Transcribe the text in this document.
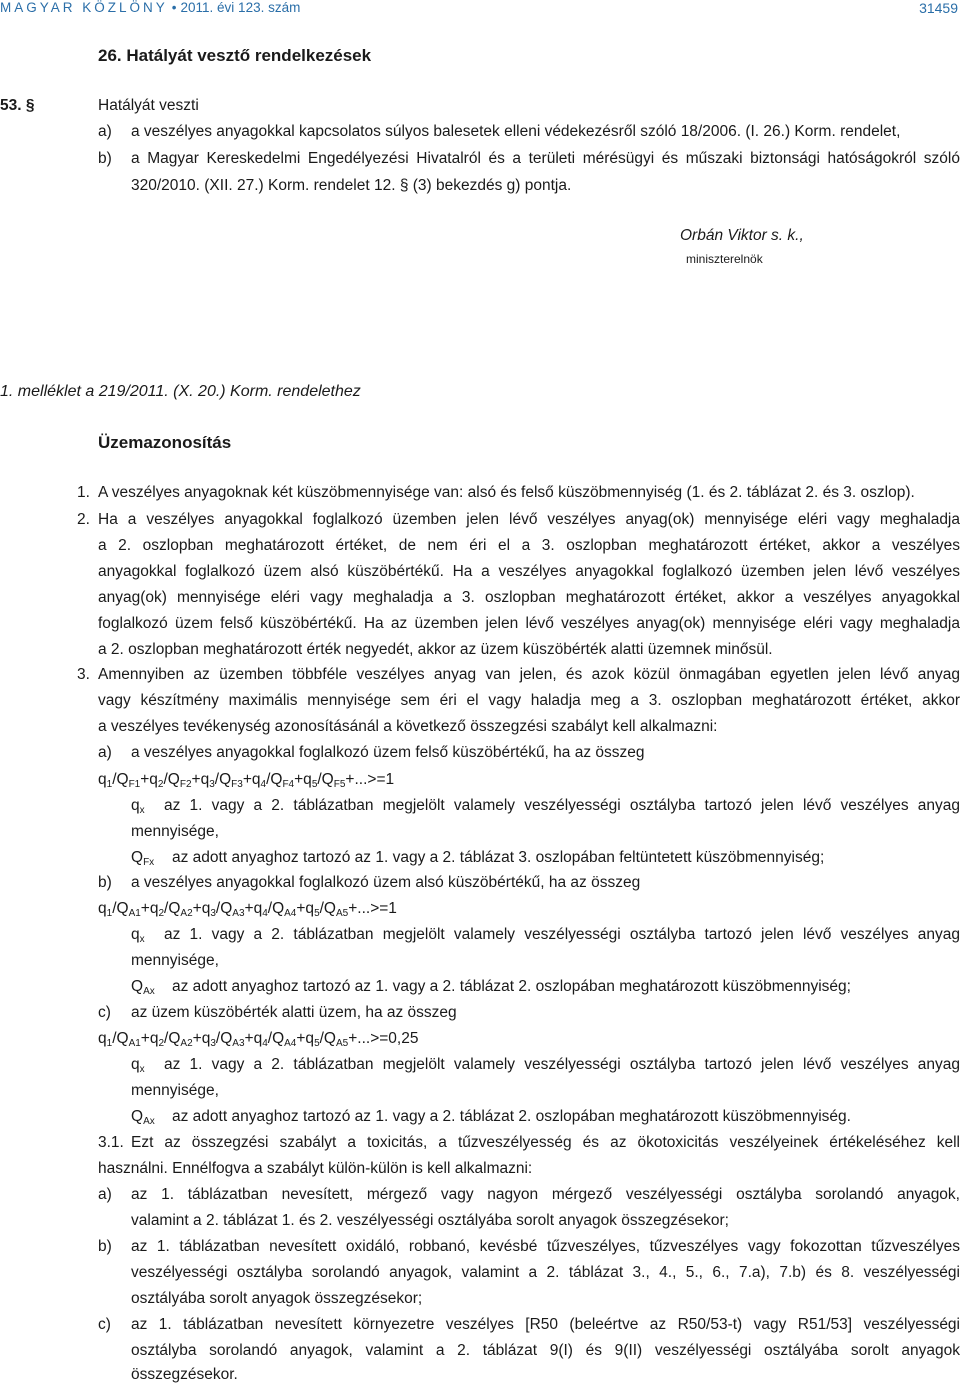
MAGYAR KÖZLÖNY • 2011. évi 123. szám	31459
26. Hatályát vesztő rendelkezések
53. §	Hatályát veszti
a) a veszélyes anyagokkal kapcsolatos súlyos balesetek elleni védekezésről szóló 18/2006. (I. 26.) Korm. rendelet,
b) a Magyar Kereskedelmi Engedélyezési Hivatalról és a területi mérésügyi és műszaki biztonsági hatóságokról szóló
320/2010. (XII. 27.) Korm. rendelet 12. § (3) bekezdés g) pontja.
Orbán Viktor s. k.,
miniszterelnök
1. melléklet a 219/2011. (X. 20.) Korm. rendelethez
Üzemazonosítás
1. A veszélyes anyagoknak két küszöbmennyisége van: alsó és felső küszöbmennyiség (1. és 2. táblázat 2. és 3. oszlop).
2. Ha a veszélyes anyagokkal foglalkozó üzemben jelen lévő veszélyes anyag(ok) mennyisége eléri vagy meghaladja
a 2. oszlopban meghatározott értéket, de nem éri el a 3. oszlopban meghatározott értéket, akkor a veszélyes
anyagokkal foglalkozó üzem alsó küszöbértékű. Ha a veszélyes anyagokkal foglalkozó üzemben jelen lévő veszélyes
anyag(ok) mennyisége eléri vagy meghaladja a 3. oszlopban meghatározott értéket, akkor a veszélyes anyagokkal
foglalkozó üzem felső küszöbértékű. Ha az üzemben jelen lévő veszélyes anyag(ok) mennyisége eléri vagy meghaladja
a 2. oszlopban meghatározott érték negyedét, akkor az üzem küszöbérték alatti üzemnek minősül.
3. Amennyiben az üzemben többféle veszélyes anyag van jelen, és azok közül önmagában egyetlen jelen lévő anyag
vagy készítmény maximális mennyisége sem éri el vagy haladja meg a 3. oszlopban meghatározott értéket, akkor
a veszélyes tevékenység azonosításánál a következő összegzési szabályt kell alkalmazni:
a) a veszélyes anyagokkal foglalkozó üzem felső küszöbértékű, ha az összeg
$q_1/Q_{F1}+q_2/Q_{F2}+q_3/Q_{F3}+q_4/Q_{F4}+q_5/Q_{F5}+...>=1$
$q_x$ az 1. vagy a 2. táblázatban megjelölt valamely veszélyességi osztályba tartozó jelen lévő veszélyes anyag
mennyisége,
$Q_{Fx}$ az adott anyaghoz tartozó az 1. vagy a 2. táblázat 3. oszlopában feltüntetett küszöbmennyiség;
b) a veszélyes anyagokkal foglalkozó üzem alsó küszöbértékű, ha az összeg
$q_1/Q_{A1}+q_2/Q_{A2}+q_3/Q_{A3}+q_4/Q_{A4}+q_5/Q_{A5}+...>=1$
$q_x$ az 1. vagy a 2. táblázatban megjelölt valamely veszélyességi osztályba tartozó jelen lévő veszélyes anyag
mennyisége,
$Q_{Ax}$ az adott anyaghoz tartozó az 1. vagy a 2. táblázat 2. oszlopában meghatározott küszöbmennyiség;
c) az üzem küszöbérték alatti üzem, ha az összeg
$q_1/Q_{A1}+q_2/Q_{A2}+q_3/Q_{A3}+q_4/Q_{A4}+q_5/Q_{A5}+...>=0,25$
$q_x$ az 1. vagy a 2. táblázatban megjelölt valamely veszélyességi osztályba tartozó jelen lévő veszélyes anyag
mennyisége,
$Q_{Ax}$ az adott anyaghoz tartozó az 1. vagy a 2. táblázat 2. oszlopában meghatározott küszöbmennyiség.
3.1. Ezt az összegzési szabályt a toxicitás, a tűzveszélyesség és az ökotoxicitás veszélyeinek értékeléséhez kell
használni. Ennélfogva a szabályt külön-külön is kell alkalmazni:
a) az 1. táblázatban nevesített, mérgező vagy nagyon mérgező veszélyességi osztályba sorolandó anyagok,
valamint a 2. táblázat 1. és 2. veszélyességi osztályába sorolt anyagok összegzésekor;
b) az 1. táblázatban nevesített oxidáló, robbanó, kevésbé tűzveszélyes, tűzveszélyes vagy fokozottan tűzveszélyes
veszélyességi osztályba sorolandó anyagok, valamint a 2. táblázat 3., 4., 5., 6., 7.a), 7.b) és 8. veszélyességi
osztályába sorolt anyagok összegzésekor;
c) az 1. táblázatban nevesített környezetre veszélyes [R50 (beleértve az R50/53-t) vagy R51/53] veszélyességi
osztályba sorolandó anyagok, valamint a 2. táblázat 9(I) és 9(II) veszélyességi osztályába sorolt anyagok
összegzésekor.
